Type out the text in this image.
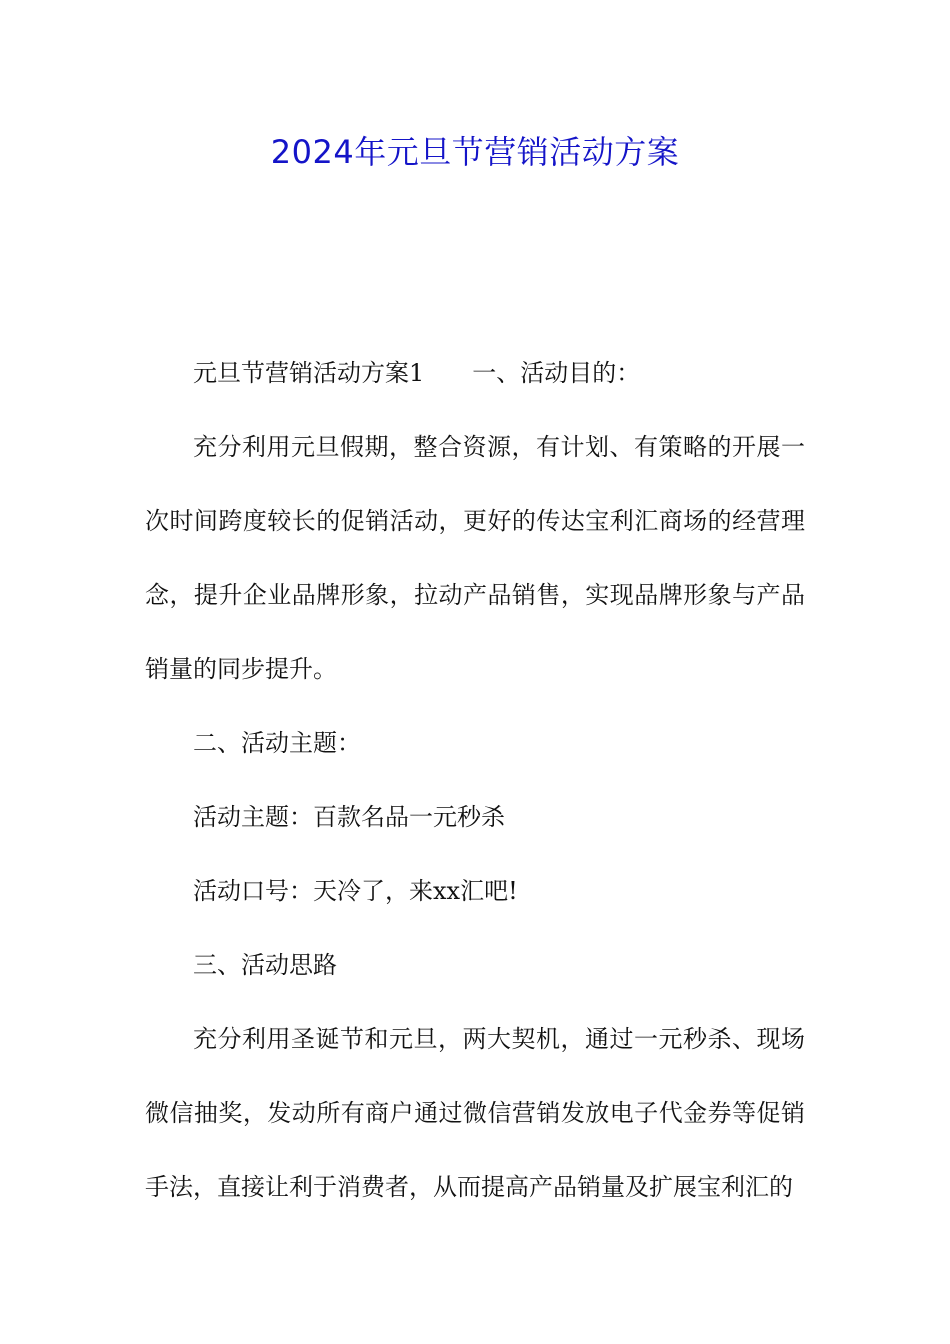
2024年元旦节营销活动方案

元旦节营销活动方案1　　一、活动目的：

充分利用元旦假期，整合资源，有计划、有策略的开展一次时间跨度较长的促销活动，更好的传达宝利汇商场的经营理念，提升企业品牌形象，拉动产品销售，实现品牌形象与产品销量的同步提升。

二、活动主题：

活动主题：百款名品一元秒杀

活动口号：天冷了，来xx汇吧!

三、活动思路

充分利用圣诞节和元旦，两大契机，通过一元秒杀、现场微信抽奖，发动所有商户通过微信营销发放电子代金券等促销手法，直接让利于消费者，从而提高产品销量及扩展宝利汇的
